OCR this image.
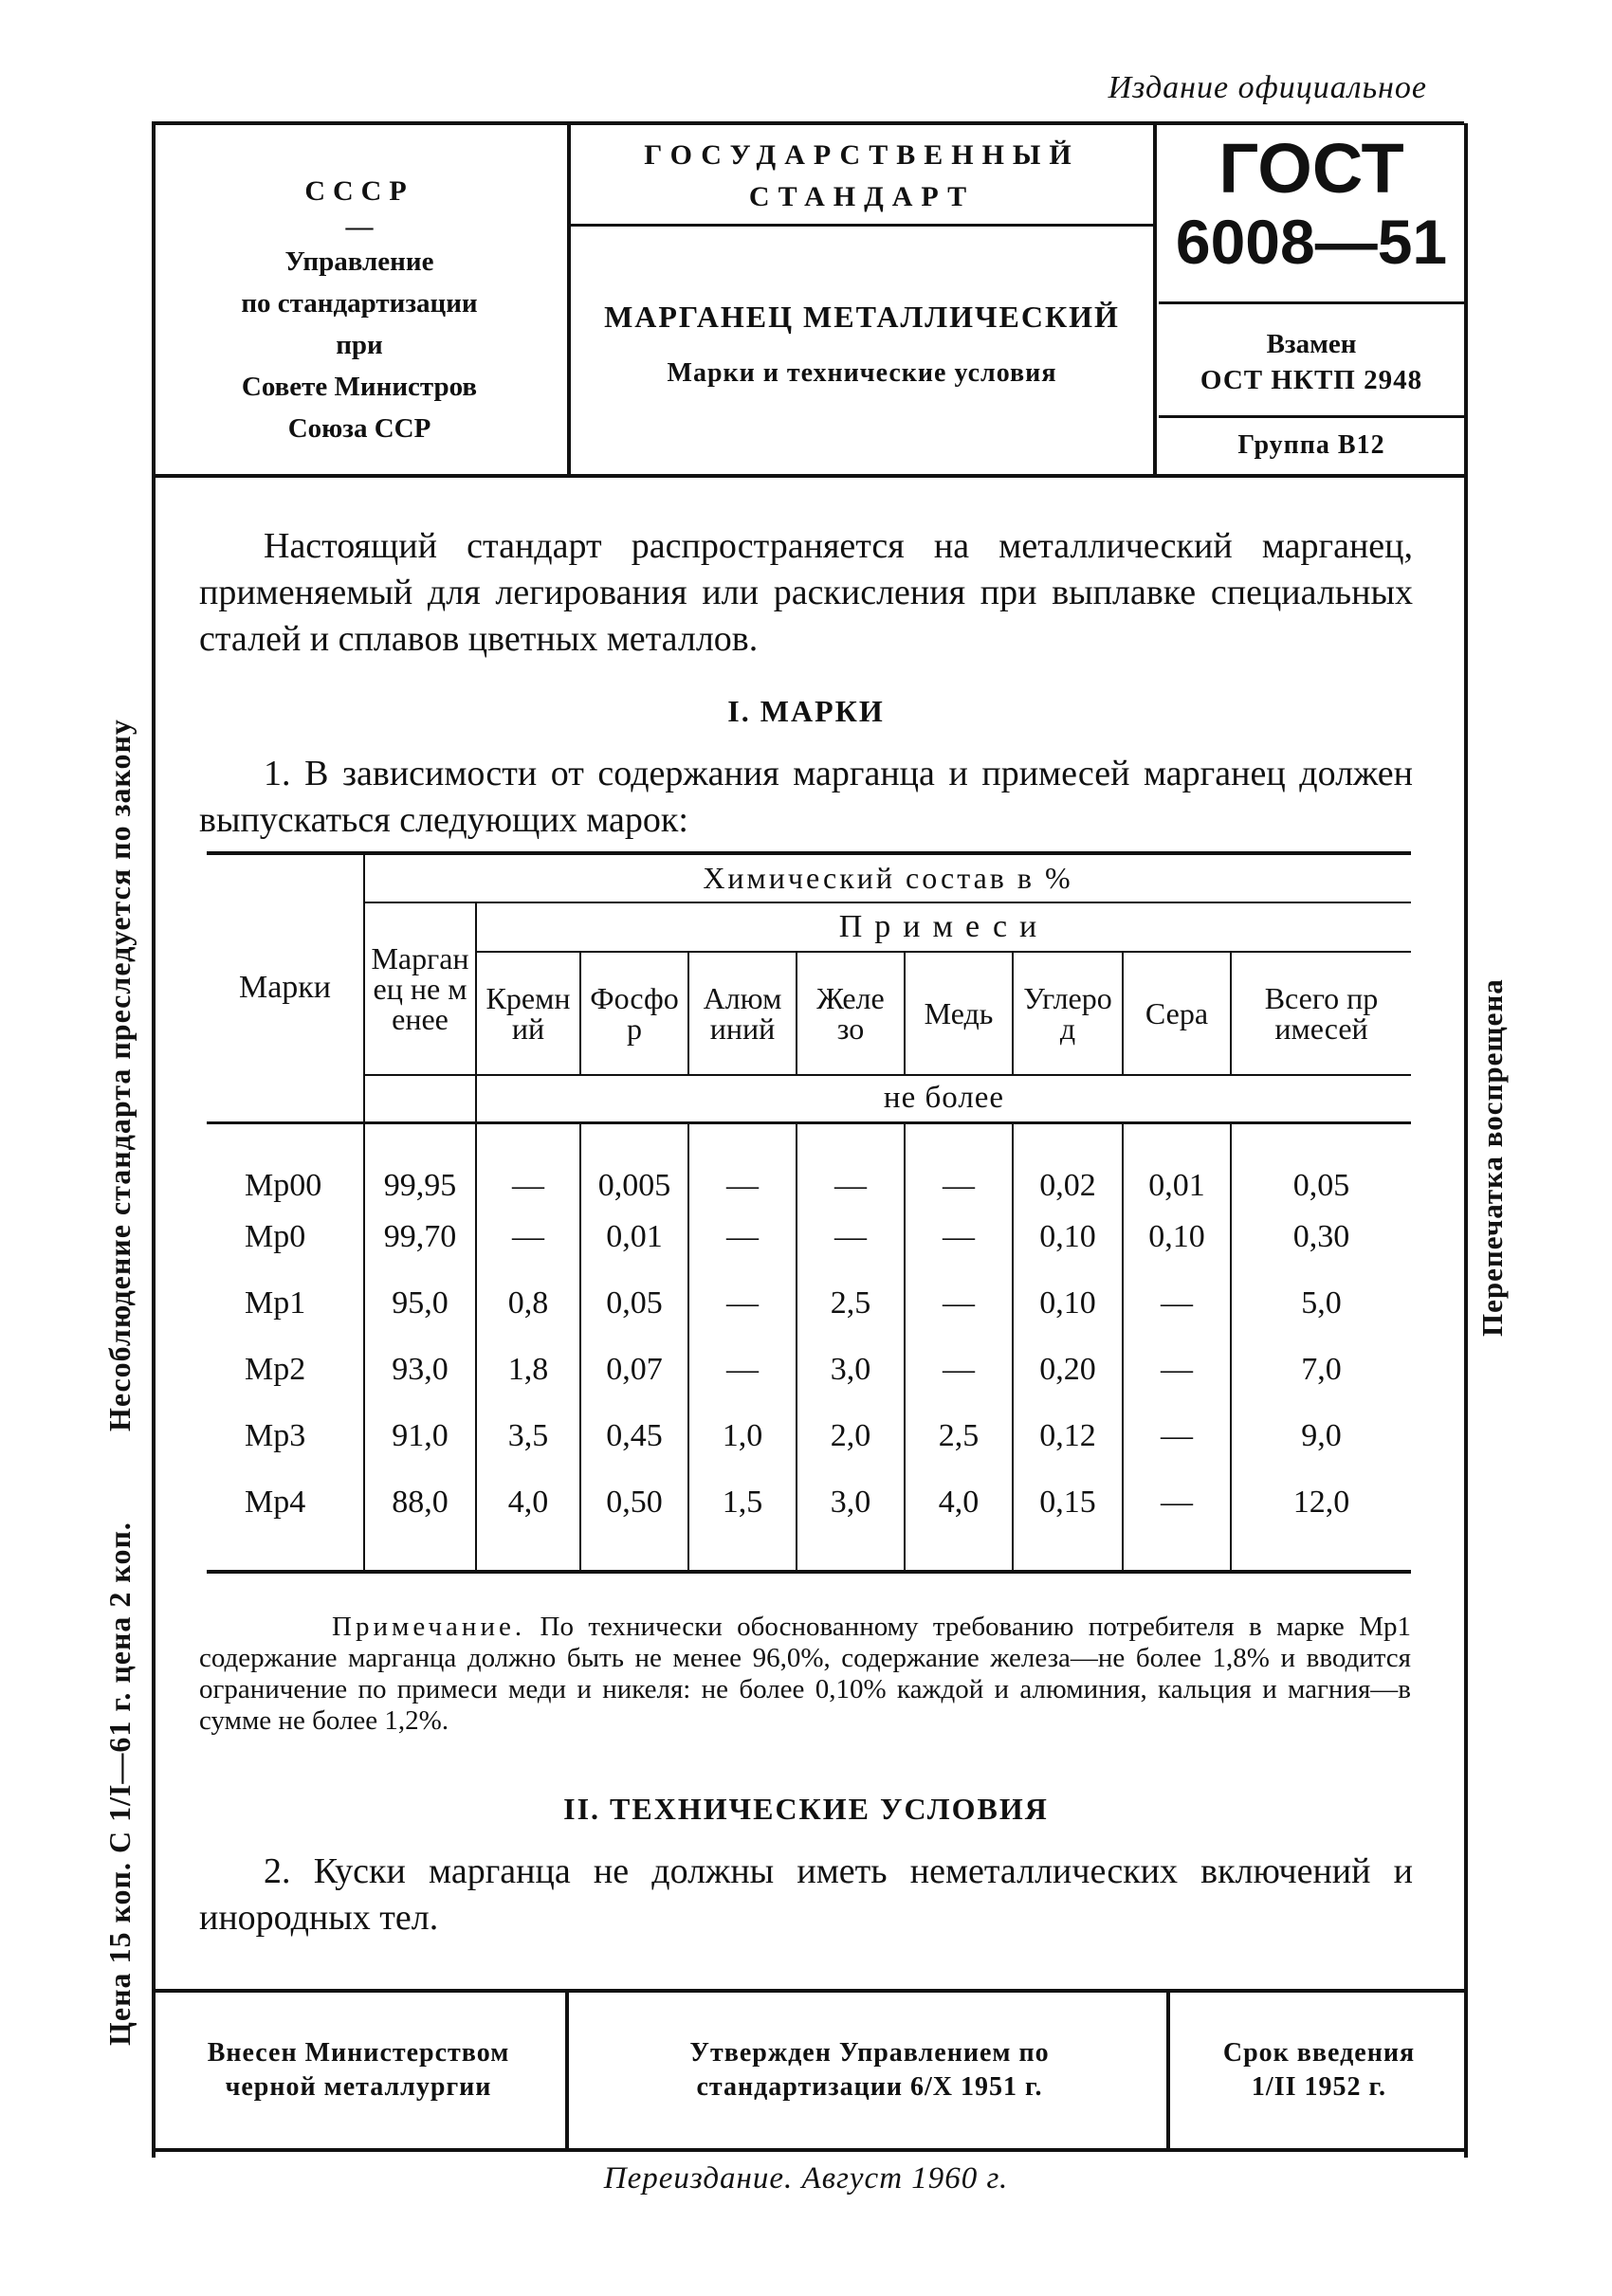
Издание официальное
СССР
—
Управление
по стандартизации
при
Совете Министров
Союза ССР
ГОСУДАРСТВЕННЫЙ
СТАНДАРТ
МАРГАНЕЦ МЕТАЛЛИЧЕСКИЙ
Марки и технические условия
ГОСТ
6008—51
Взамен
ОСТ НКТП 2948
Группа В12
Цена 15 коп. С 1/I—61 г. цена 2 коп.
Несоблюдение стандарта преследуется по закону	Перепечатка воспрещена
Настоящий стандарт распространяется на металлический марганец, применяемый для легирования или раскисления при выплавке специальных сталей и сплавов цветных металлов.
I. МАРКИ
1. В зависимости от содержания марганца и примесей марганец должен выпускаться следующих марок:
Марки	Химический состав в %								
	Марганец не менее	Примеси							
		Кремний	Фосфор	Алюминий	Железо	Медь	Углерод	Сера	Всего примесей
		не более							
Мр00	99,95	—	0,005	—	—	—	0,02	0,01	0,05
Мр0	99,70	—	0,01	—	—	—	0,10	0,10	0,30
Мр1	95,0	0,8	0,05	—	2,5	—	0,10	—	5,0
Мр2	93,0	1,8	0,07	—	3,0	—	0,20	—	7,0
Мр3	91,0	3,5	0,45	1,0	2,0	2,5	0,12	—	9,0
Мр4	88,0	4,0	0,50	1,5	3,0	4,0	0,15	—	12,0
Примечание. По технически обоснованному требованию потребителя в марке Мр1 содержание марганца должно быть не менее 96,0%, содержание железа—не более 1,8% и вводится ограничение по примеси меди и никеля: не более 0,10% каждой и алюминия, кальция и магния—в сумме не более 1,2%.
II. ТЕХНИЧЕСКИЕ УСЛОВИЯ
2. Куски марганца не должны иметь неметаллических включений и инородных тел.
Внесен Министерством черной металлургии
Утвержден Управлением по стандартизации 6/X 1951 г.
Срок введения 1/II 1952 г.
Переиздание. Август 1960 г.
